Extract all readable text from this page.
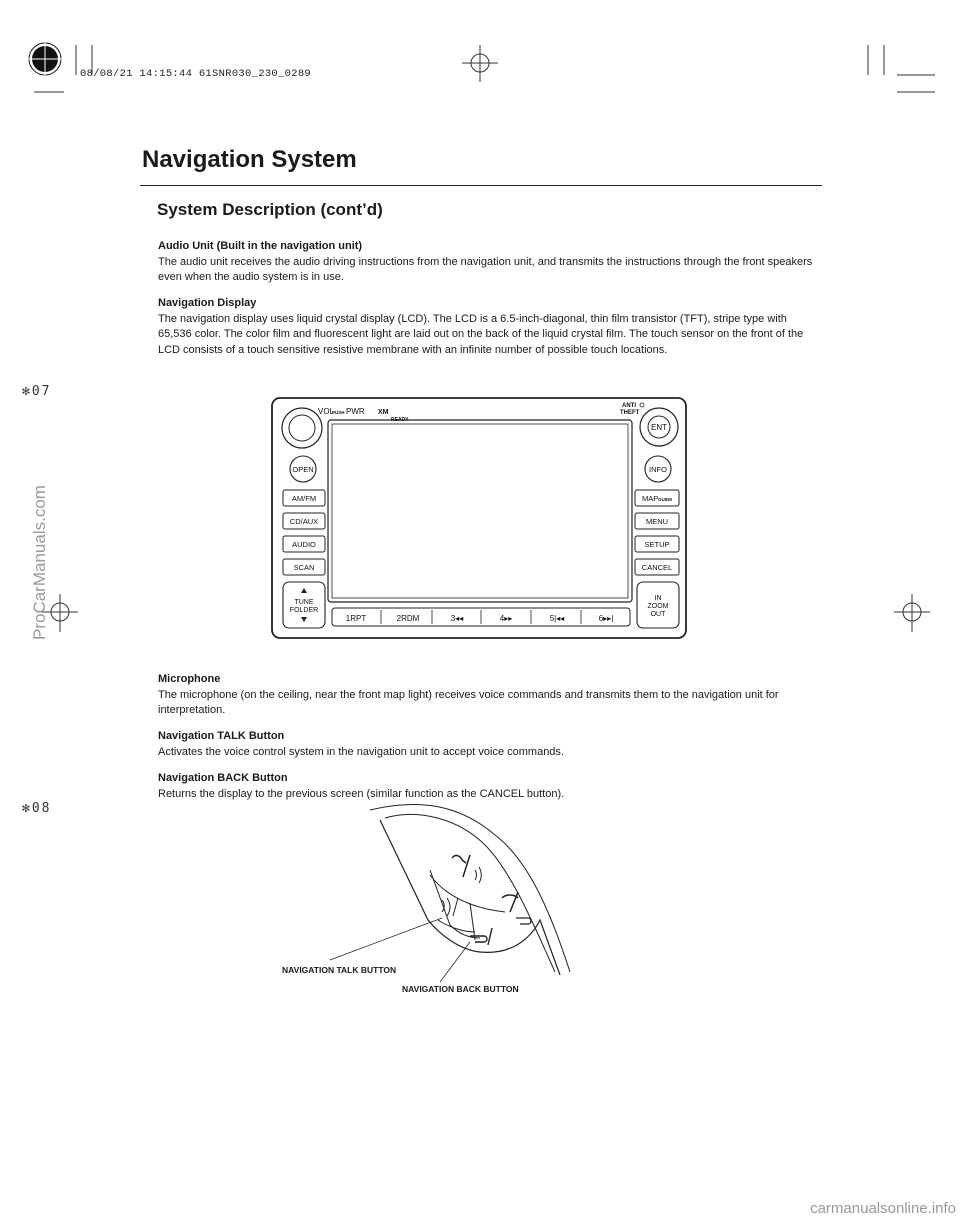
08/08/21 14:15:44 61SNR030_230_0289
Navigation System
System Description (cont’d)
Audio Unit (Built in the navigation unit)

The audio unit receives the audio driving instructions from the navigation unit, and transmits the instructions through the front speakers even when the audio system is in use.

Navigation Display

The navigation display uses liquid crystal display (LCD). The LCD is a 6.5-inch-diagonal, thin film transistor (TFT), stripe type with 65,536 color. The color film and fluorescent light are laid out on the back of the liquid crystal film. The touch sensor on the front of the LCD consists of a touch sensitive resistive membrane with an infinite number of possible touch locations.

✻07
VOL
PUSH PWR XM
READY
ANTI
THEFT
ENT
OPEN	INFO
AM/FM
CD/AUX
AUDIO
SCAN
MAP GUIDE
MENU
SETUP
CANCEL
TUNE
FOLDER
IN
ZOOM
OUT
1RPT	2RDM	3◂◂	4▸▸	5|◂◂	6▸▸|
Microphone

The microphone (on the ceiling, near the front map light) receives voice commands and transmits them to the navigation unit for interpretation.

Navigation TALK Button

Activates the voice control system in the navigation unit to accept voice commands.

Navigation BACK Button

Returns the display to the previous screen (similar function as the CANCEL button).

✻08
NAVIGATION TALK BUTTON
NAVIGATION BACK BUTTON
ProCarManuals.com
carmanualsonline.info
